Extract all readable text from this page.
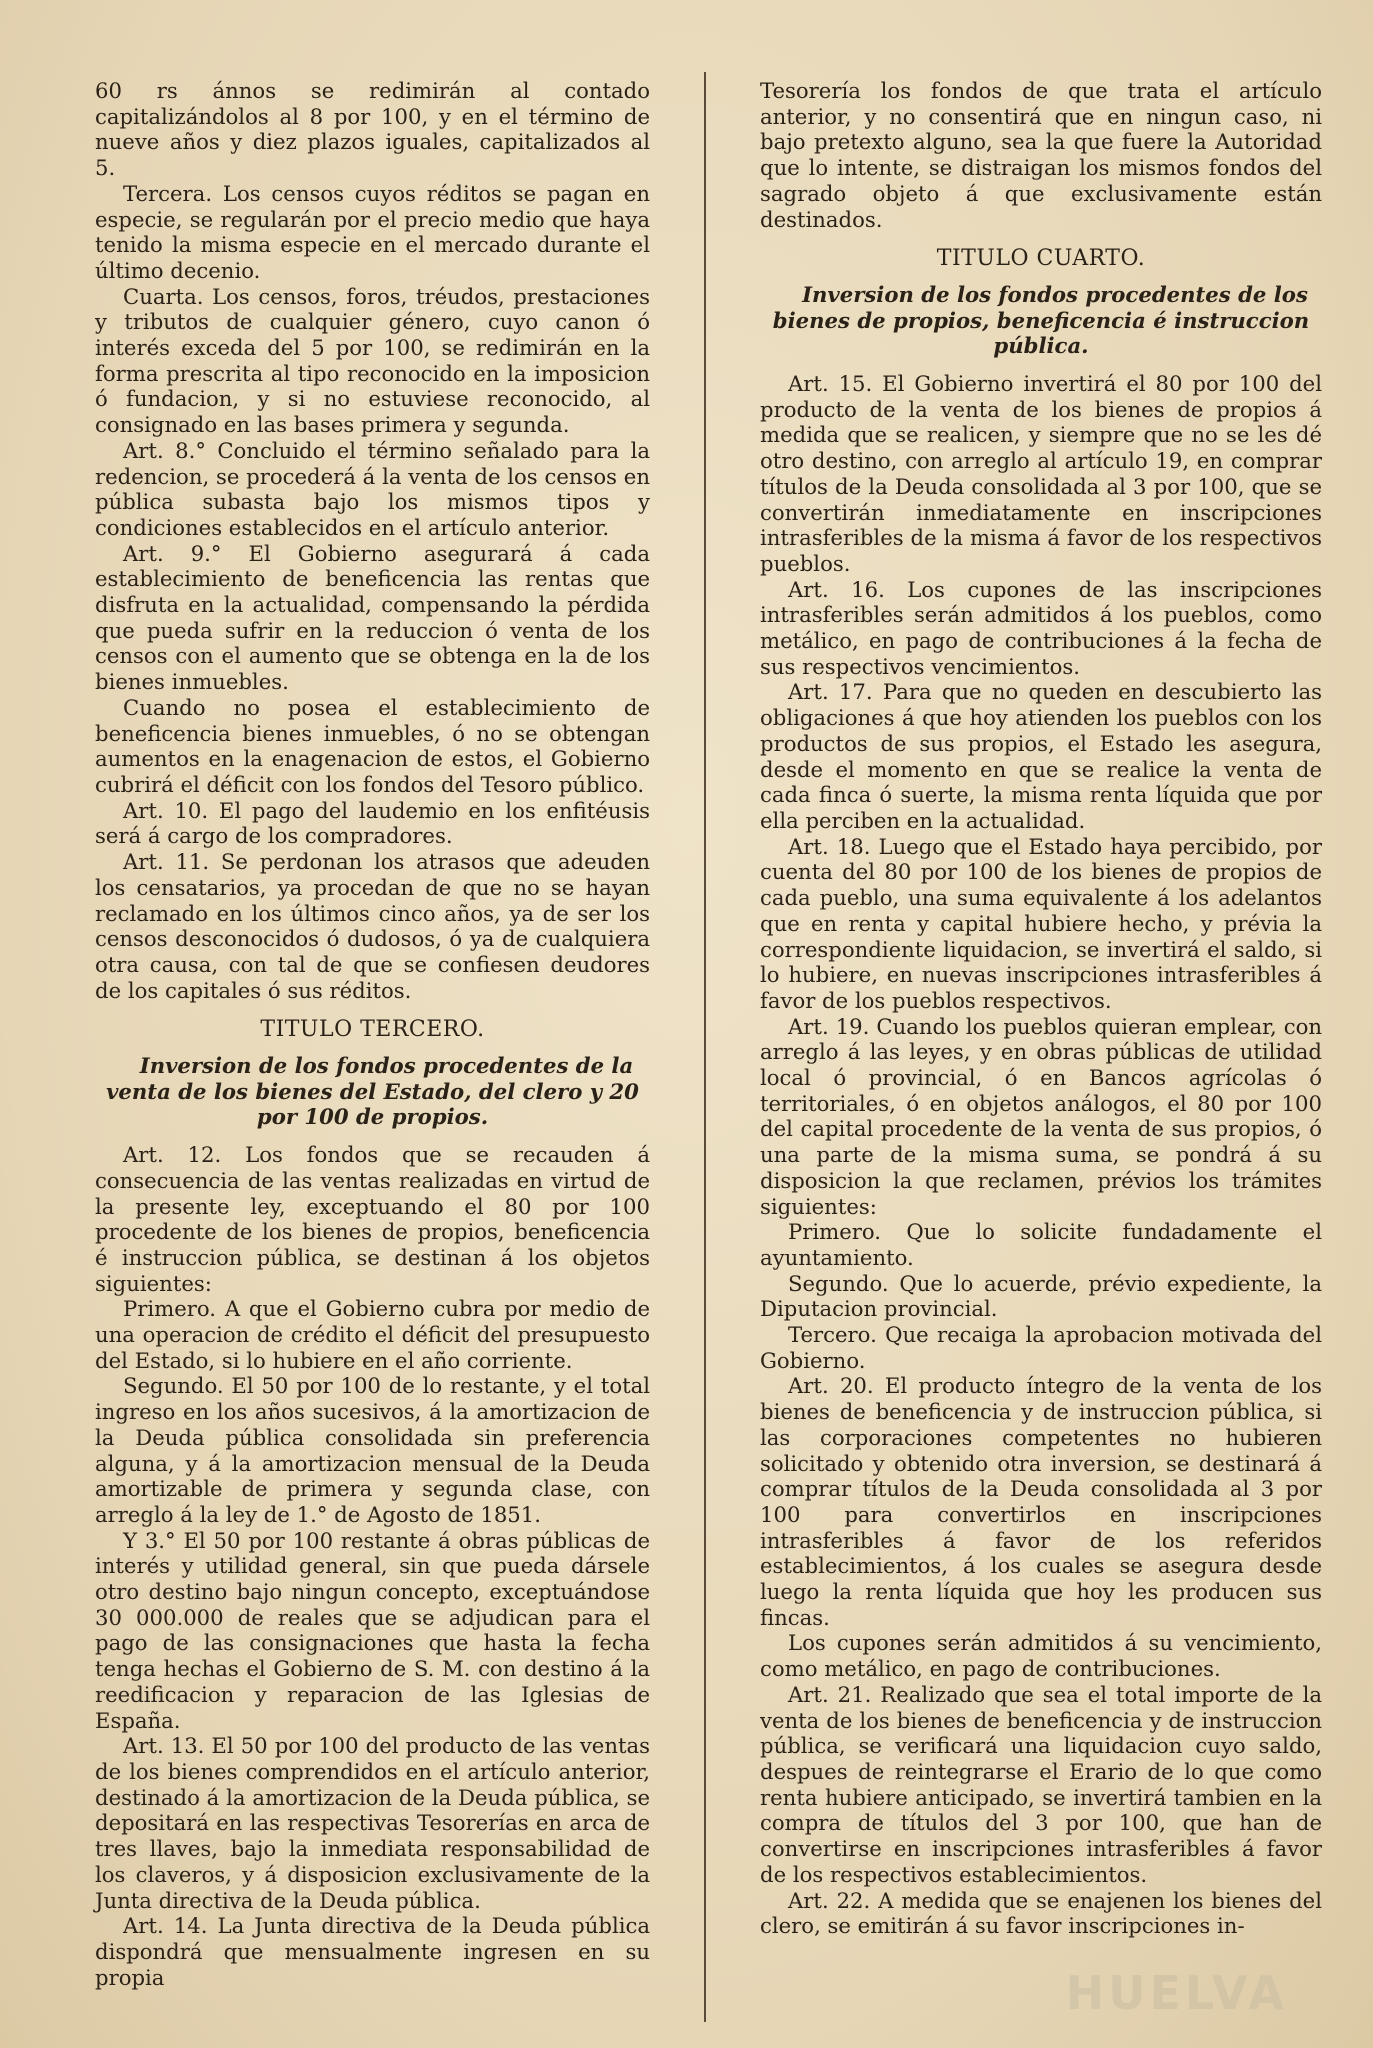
60 rs ánnos se redimirán al contado capitalizándolos al 8 por 100, y en el término de nueve años y diez plazos iguales, capitalizados al 5.

Tercera. Los censos cuyos réditos se pagan en especie, se regularán por el precio medio que haya tenido la misma especie en el mercado durante el último decenio.

Cuarta. Los censos, foros, tréudos, prestaciones y tributos de cualquier género, cuyo canon ó interés exceda del 5 por 100, se redimirán en la forma prescrita al tipo reconocido en la imposicion ó fundacion, y si no estuviese reconocido, al consignado en las bases primera y segunda.

Art. 8.° Concluido el término señalado para la redencion, se procederá á la venta de los censos en pública subasta bajo los mismos tipos y condiciones establecidos en el artículo anterior.

Art. 9.° El Gobierno asegurará á cada establecimiento de beneficencia las rentas que disfruta en la actualidad, compensando la pérdida que pueda sufrir en la reduccion ó venta de los censos con el aumento que se obtenga en la de los bienes inmuebles.

Cuando no posea el establecimiento de beneficencia bienes inmuebles, ó no se obtengan aumentos en la enagenacion de estos, el Gobierno cubrirá el déficit con los fondos del Tesoro público.

Art. 10. El pago del laudemio en los enfitéusis será á cargo de los compradores.

Art. 11. Se perdonan los atrasos que adeuden los censatarios, ya procedan de que no se hayan reclamado en los últimos cinco años, ya de ser los censos desconocidos ó dudosos, ó ya de cualquiera otra causa, con tal de que se confiesen deudores de los capitales ó sus réditos.

TITULO TERCERO.

Inversion de los fondos procedentes de la venta de los bienes del Estado, del clero y 20 por 100 de propios.

Art. 12. Los fondos que se recauden á consecuencia de las ventas realizadas en virtud de la presente ley, exceptuando el 80 por 100 procedente de los bienes de propios, beneficencia é instruccion pública, se destinan á los objetos siguientes:

Primero. A que el Gobierno cubra por medio de una operacion de crédito el déficit del presupuesto del Estado, si lo hubiere en el año corriente.

Segundo. El 50 por 100 de lo restante, y el total ingreso en los años sucesivos, á la amortizacion de la Deuda pública consolidada sin preferencia alguna, y á la amortizacion mensual de la Deuda amortizable de primera y segunda clase, con arreglo á la ley de 1.° de Agosto de 1851.

Y 3.° El 50 por 100 restante á obras públicas de interés y utilidad general, sin que pueda dársele otro destino bajo ningun concepto, exceptuándose 30 000.000 de reales que se adjudican para el pago de las consignaciones que hasta la fecha tenga hechas el Gobierno de S. M. con destino á la reedificacion y reparacion de las Iglesias de España.

Art. 13. El 50 por 100 del producto de las ventas de los bienes comprendidos en el artículo anterior, destinado á la amortizacion de la Deuda pública, se depositará en las respectivas Tesorerías en arca de tres llaves, bajo la inmediata responsabilidad de los claveros, y á disposicion exclusivamente de la Junta directiva de la Deuda pública.

Art. 14. La Junta directiva de la Deuda pública dispondrá que mensualmente ingresen en su propia

Tesorería los fondos de que trata el artículo anterior, y no consentirá que en ningun caso, ni bajo pretexto alguno, sea la que fuere la Autoridad que lo intente, se distraigan los mismos fondos del sagrado objeto á que exclusivamente están destinados.

TITULO CUARTO.

Inversion de los fondos procedentes de los bienes de propios, beneficencia é instruccion pública.

Art. 15. El Gobierno invertirá el 80 por 100 del producto de la venta de los bienes de propios á medida que se realicen, y siempre que no se les dé otro destino, con arreglo al artículo 19, en comprar títulos de la Deuda consolidada al 3 por 100, que se convertirán inmediatamente en inscripciones intrasferibles de la misma á favor de los respectivos pueblos.

Art. 16. Los cupones de las inscripciones intrasferibles serán admitidos á los pueblos, como metálico, en pago de contribuciones á la fecha de sus respectivos vencimientos.

Art. 17. Para que no queden en descubierto las obligaciones á que hoy atienden los pueblos con los productos de sus propios, el Estado les asegura, desde el momento en que se realice la venta de cada finca ó suerte, la misma renta líquida que por ella perciben en la actualidad.

Art. 18. Luego que el Estado haya percibido, por cuenta del 80 por 100 de los bienes de propios de cada pueblo, una suma equivalente á los adelantos que en renta y capital hubiere hecho, y prévia la correspondiente liquidacion, se invertirá el saldo, si lo hubiere, en nuevas inscripciones intrasferibles á favor de los pueblos respectivos.

Art. 19. Cuando los pueblos quieran emplear, con arreglo á las leyes, y en obras públicas de utilidad local ó provincial, ó en Bancos agrícolas ó territoriales, ó en objetos análogos, el 80 por 100 del capital procedente de la venta de sus propios, ó una parte de la misma suma, se pondrá á su disposicion la que reclamen, prévios los trámites siguientes:

Primero. Que lo solicite fundadamente el ayuntamiento.

Segundo. Que lo acuerde, prévio expediente, la Diputacion provincial.

Tercero. Que recaiga la aprobacion motivada del Gobierno.

Art. 20. El producto íntegro de la venta de los bienes de beneficencia y de instruccion pública, si las corporaciones competentes no hubieren solicitado y obtenido otra inversion, se destinará á comprar títulos de la Deuda consolidada al 3 por 100 para convertirlos en inscripciones intrasferibles á favor de los referidos establecimientos, á los cuales se asegura desde luego la renta líquida que hoy les producen sus fincas.

Los cupones serán admitidos á su vencimiento, como metálico, en pago de contribuciones.

Art. 21. Realizado que sea el total importe de la venta de los bienes de beneficencia y de instruccion pública, se verificará una liquidacion cuyo saldo, despues de reintegrarse el Erario de lo que como renta hubiere anticipado, se invertirá tambien en la compra de títulos del 3 por 100, que han de convertirse en inscripciones intrasferibles á favor de los respectivos establecimientos.

Art. 22. A medida que se enajenen los bienes del clero, se emitirán á su favor inscripciones in-

HUELVA
